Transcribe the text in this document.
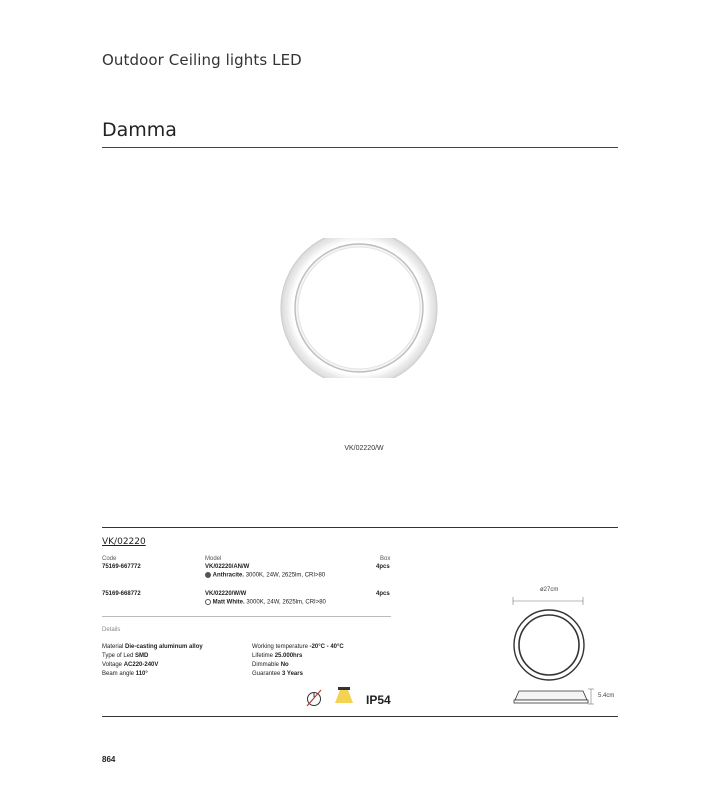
Outdoor Ceiling lights LED
Damma
VK/02220/W
VK/02220
Code	Model	Box
75169-667772	VK/02220/AN/W
Anthracite. 3000K, 24W, 2625lm, CRI>80
4pcs
75169-668772	VK/02220/W/W
Matt White. 3000K, 24W, 2625lm, CRI>80
4pcs
Details
Material Die-casting aluminum alloy
Type of Led SMD
Voltage AC220-240V
Beam angle 110°
Working temperature -20°C - 40°C
Lifetime 25.000hrs
Dimmable No
Guarantee 3 Years
IP54
ø27cm
5.4cm
864
